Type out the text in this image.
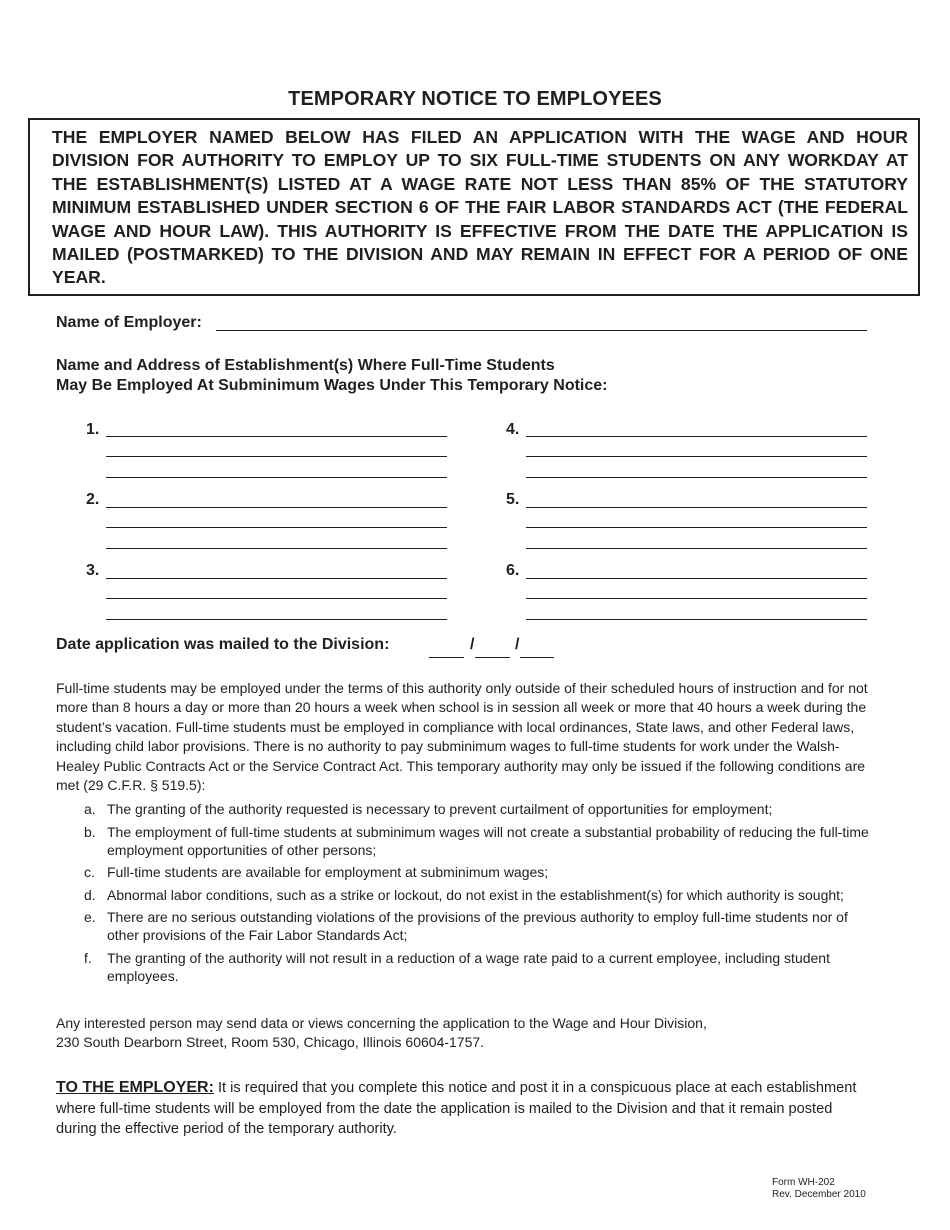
TEMPORARY NOTICE TO EMPLOYEES
THE EMPLOYER NAMED BELOW HAS FILED AN APPLICATION WITH THE WAGE AND HOUR DIVISION FOR AUTHORITY TO EMPLOY UP TO SIX FULL-TIME STUDENTS ON ANY WORKDAY AT THE ESTABLISHMENT(S) LISTED AT A WAGE RATE NOT LESS THAN 85% OF THE STATUTORY MINIMUM ESTABLISHED UNDER SECTION 6 OF THE FAIR LABOR STANDARDS ACT (THE FEDERAL WAGE AND HOUR LAW). THIS AUTHORITY IS EFFECTIVE FROM THE DATE THE APPLICATION IS MAILED (POSTMARKED) TO THE DIVISION AND MAY REMAIN IN EFFECT FOR A PERIOD OF ONE YEAR.
Name of Employer:
Name and Address of Establishment(s) Where Full-Time Students
May Be Employed At Subminimum Wages Under This Temporary Notice:
1.
2.
3.
4.
5.
6.
Date application was mailed to the Division:	/	/
Full-time students may be employed under the terms of this authority only outside of their scheduled hours of instruction and for not more than 8 hours a day or more than 20 hours a week when school is in session all week or more that 40 hours a week during the student’s vacation. Full-time students must be employed in compliance with local ordinances, State laws, and other Federal laws, including child labor provisions. There is no authority to pay subminimum wages to full-time students for work under the Walsh-Healey Public Contracts Act or the Service Contract Act. This temporary authority may only be issued if the following conditions are met (29 C.F.R. § 519.5):
a. The granting of the authority requested is necessary to prevent curtailment of opportunities for employment;
b. The employment of full-time students at subminimum wages will not create a substantial probability of reducing the full-time employment opportunities of other persons;
c. Full-time students are available for employment at subminimum wages;
d. Abnormal labor conditions, such as a strike or lockout, do not exist in the establishment(s) for which authority is sought;
e. There are no serious outstanding violations of the provisions of the previous authority to employ full-time students nor of other provisions of the Fair Labor Standards Act;
f. The granting of the authority will not result in a reduction of a wage rate paid to a current employee, including student employees.
Any interested person may send data or views concerning the application to the Wage and Hour Division,
230 South Dearborn Street, Room 530, Chicago, Illinois 60604-1757.
TO THE EMPLOYER: It is required that you complete this notice and post it in a conspicuous place at each establishment where full-time students will be employed from the date the application is mailed to the Division and that it remain posted during the effective period of the temporary authority.
Form WH-202
Rev. December 2010
